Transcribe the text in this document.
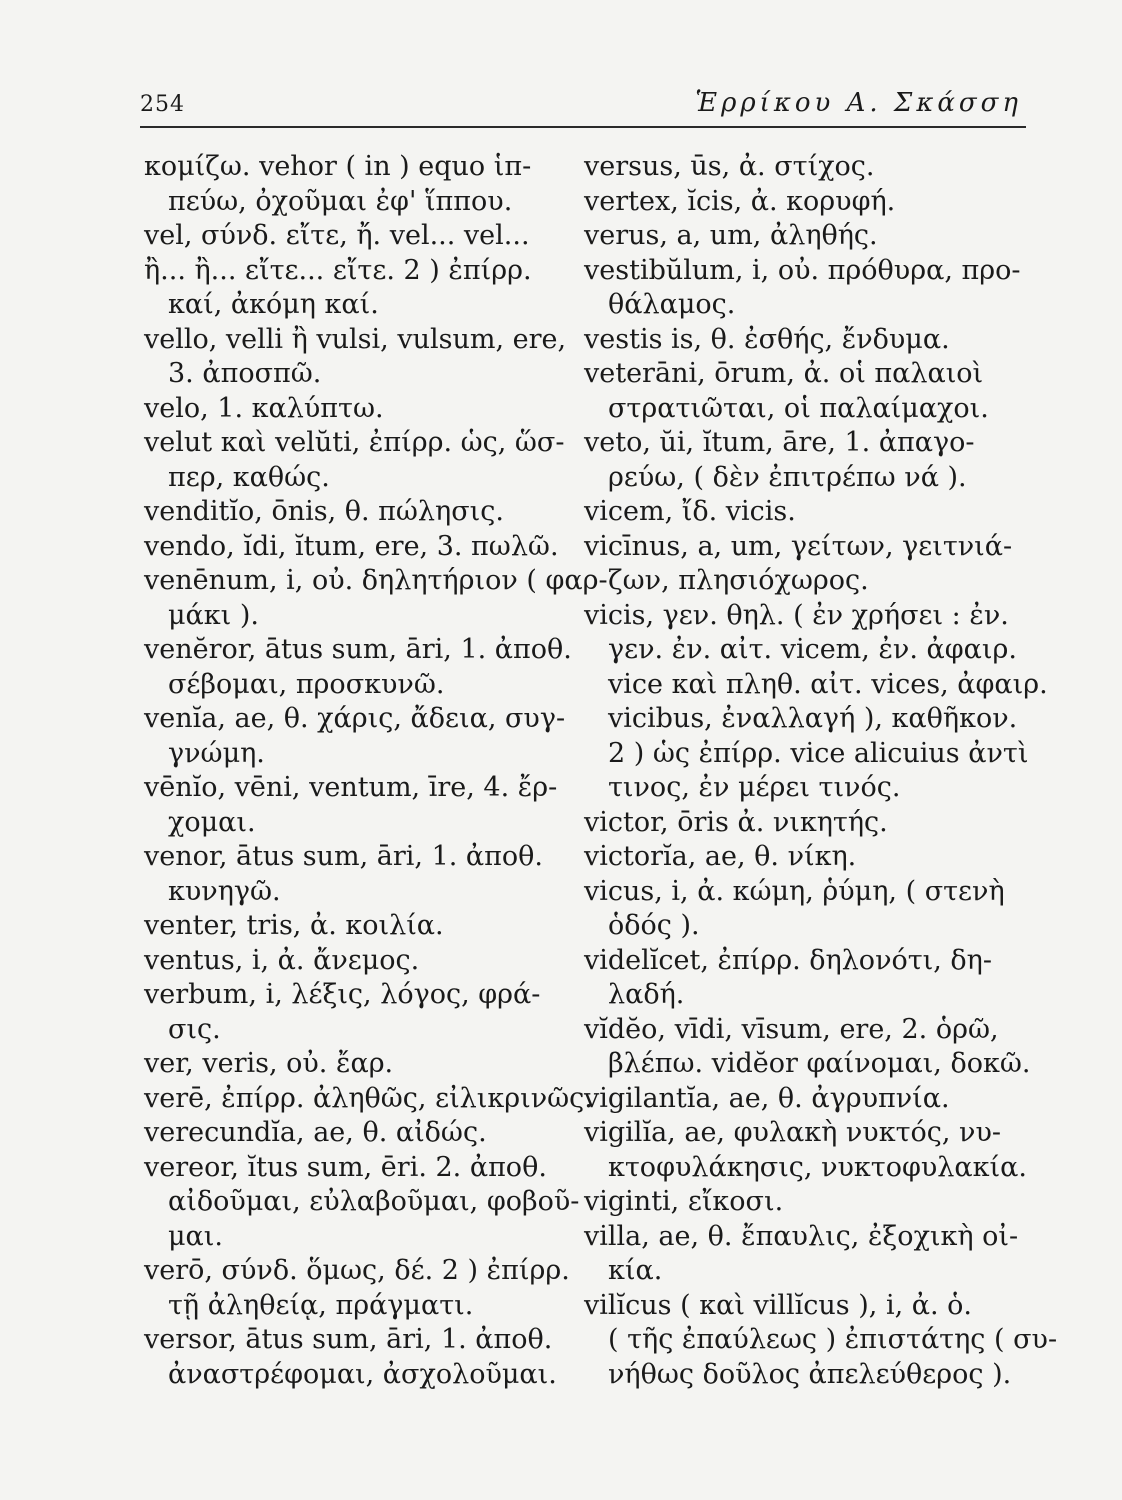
254	Ἑρρίκου Α. Σκάσση
κομίζω. vehor ( in ) equo ἱπ-
πεύω, ὀχοῦμαι ἐφ' ἵππου.
vel, σύνδ. εἴτε, ἤ. vel... vel...
ἢ... ἢ... εἴτε... εἴτε. 2 ) ἐπίρρ.
καί, ἀκόμη καί.
vello, velli ἢ vulsi, vulsum, ere,
3. ἀποσπῶ.
velo, 1. καλύπτω.
velut καὶ velŭti, ἐπίρρ. ὡς, ὥσ-
περ, καθώς.
venditĭo, ōnis, θ. πώλησις.
vendo, ĭdi, ĭtum, ere, 3. πωλῶ.
venēnum, i, οὐ. δηλητήριον ( φαρ-
μάκι ).
venĕror, ātus sum, āri, 1. ἀποθ.
σέβομαι, προσκυνῶ.
venĭa, ae, θ. χάρις, ἄδεια, συγ-
γνώμη.
vēnĭo, vēni, ventum, īre, 4. ἔρ-
χομαι.
venor, ātus sum, āri, 1. ἀποθ.
κυνηγῶ.
venter, tris, ἀ. κοιλία.
ventus, i, ἀ. ἄνεμος.
verbum, i, λέξις, λόγος, φρά-
σις.
ver, veris, οὐ. ἔαρ.
verē, ἐπίρρ. ἀληθῶς, εἰλικρινῶς.
verecundĭa, ae, θ. αἰδώς.
vereor, ĭtus sum, ēri. 2. ἀποθ.
αἰδοῦμαι, εὐλαβοῦμαι, φοβοῦ-
μαι.
verō, σύνδ. ὅμως, δέ. 2 ) ἐπίρρ.
τῇ ἀληθείᾳ, πράγματι.
versor, ātus sum, āri, 1. ἀποθ.
ἀναστρέφομαι, ἀσχολοῦμαι.
versus, ūs, ἀ. στίχος.
vertex, ĭcis, ἀ. κορυφή.
verus, a, um, ἀληθής.
vestibŭlum, i, οὐ. πρόθυρα, προ-
θάλαμος.
vestis is, θ. ἐσθής, ἔνδυμα.
veterāni, ōrum, ἀ. οἱ παλαιοὶ
στρατιῶται, οἱ παλαίμαχοι.
veto, ŭi, ĭtum, āre, 1. ἀπαγο-
ρεύω, ( δὲν ἐπιτρέπω νά ).
vicem, ἴδ. vicis.
vicīnus, a, um, γείτων, γειτνιά-
ζων, πλησιόχωρος.
vicis, γεν. θηλ. ( ἐν χρήσει : ἐν.
γεν. ἐν. αἰτ. vicem, ἐν. ἀφαιρ.
vice καὶ πληθ. αἰτ. vices, ἀφαιρ.
vicibus, ἐναλλαγή ), καθῆκον.
2 ) ὡς ἐπίρρ. vice alicuius ἀντὶ
τινος, ἐν μέρει τινός.
victor, ōris ἀ. νικητής.
victorĭa, ae, θ. νίκη.
vicus, i, ἀ. κώμη, ῥύμη, ( στενὴ
ὁδός ).
videlĭcet, ἐπίρρ. δηλονότι, δη-
λαδή.
vĭdĕo, vīdi, vīsum, ere, 2. ὁρῶ,
βλέπω. vidĕor φαίνομαι, δοκῶ.
vigilantĭa, ae, θ. ἀγρυπνία.
vigilĭa, ae, φυλακὴ νυκτός, νυ-
κτοφυλάκησις, νυκτοφυλακία.
viginti, εἴκοσι.
villa, ae, θ. ἔπαυλις, ἐξοχικὴ οἰ-
κία.
vilĭcus ( καὶ villĭcus ), i, ἀ. ὁ.
( τῆς ἐπαύλεως ) ἐπιστάτης ( συ-
νήθως δοῦλος ἀπελεύθερος ).
